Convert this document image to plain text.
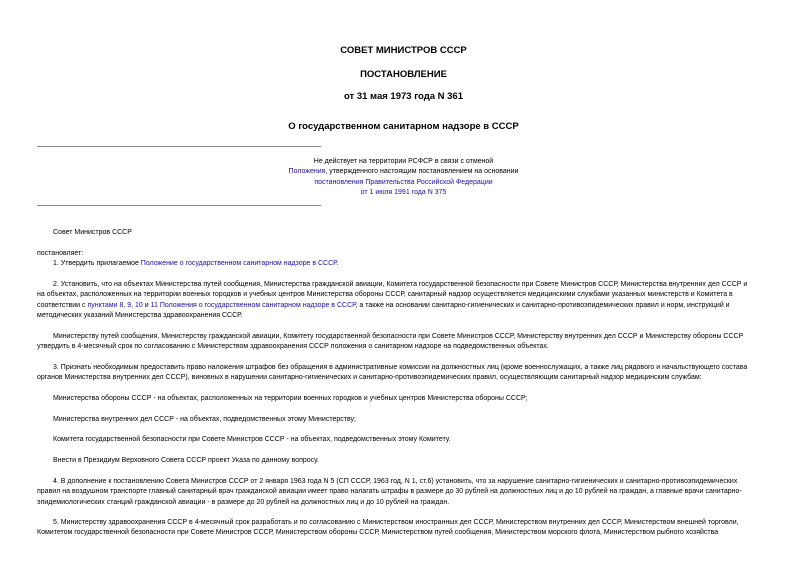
СОВЕТ МИНИСТРОВ СССР
ПОСТАНОВЛЕНИЕ
от 31 мая 1973 года N 361
О государственном санитарном надзоре в СССР
Не действует на территории РСФСР в связи с отменой
Положения, утвержденного настоящим постановлением на основании
постановления Правительства Российской Федерации
от 1 июля 1991 года N 375
Совет Министров СССР
постановляет:
1. Утвердить прилагаемое Положение о государственном санитарном надзоре в СССР.
2. Установить, что на объектах Министерства путей сообщения, Министерства гражданской авиации, Комитета государственной безопасности при Совете Министров СССР, Министерства внутренних дел СССР и
на объектах, расположенных на территории военных городков и учебных центров Министерства обороны СССР, санитарный надзор осуществляется медицинскими службами указанных министерств и Комитета в
соответствии с пунктами 8, 9, 10 и 11 Положения о государственном санитарном надзоре в СССР, а также на основании санитарно-гигиенических и санитарно-противоэпидемических правил и норм, инструкций и
методических указаний Министерства здравоохранения СССР.
Министерству путей сообщения, Министерству гражданской авиации, Комитету государственной безопасности при Совете Министров СССР, Министерству внутренних дел СССР и Министерству обороны СССР
утвердить в 4-месячный срок по согласованию с Министерством здравоохранения СССР положения о санитарном надзоре на подведомственных объектах.
3. Признать необходимым предоставить право наложения штрафов без обращения в административные комиссии на должностных лиц (кроме военнослужащих, а также лиц рядового и начальствующего состава
органов Министерства внутренних дел СССР), виновных в нарушении санитарно-гигиенических и санитарно-противоэпидемических правил, осуществляющим санитарный надзор медицинским службам:
Министерства обороны СССР - на объектах, расположенных на территории военных городков и учебных центров Министерства обороны СССР;
Министерства внутренних дел СССР - на объектах, подведомственных этому Министерству;
Комитета государственной безопасности при Совете Министров СССР - на объектах, подведомственных этому Комитету.
Внести в Президиум Верховного Совета СССР проект Указа по данному вопросу.
4. В дополнение к постановлению Совета Министров СССР от 2 января 1963 года N 5 (СП СССР, 1963 год, N 1, ст.6) установить, что за нарушение санитарно-гигиенических и санитарно-противоэпидемических
правил на воздушном транспорте главный санитарный врач гражданской авиации имеет право налагать штрафы в размере до 30 рублей на должностных лиц и до 10 рублей на граждан, а главные врачи санитарно-
эпидемиологических станций гражданской авиации - в размере до 20 рублей на должностных лиц и до 10 рублей на граждан.
5. Министерству здравоохранения СССР в 4-месячный срок разработать и по согласованию с Министерством иностранных дел СССР, Министерством внутренних дел СССР, Министерством внешней торговли,
Комитетом государственной безопасности при Совете Министров СССР, Министерством обороны СССР, Министерством путей сообщения, Министерством морского флота, Министерством рыбного хозяйства
